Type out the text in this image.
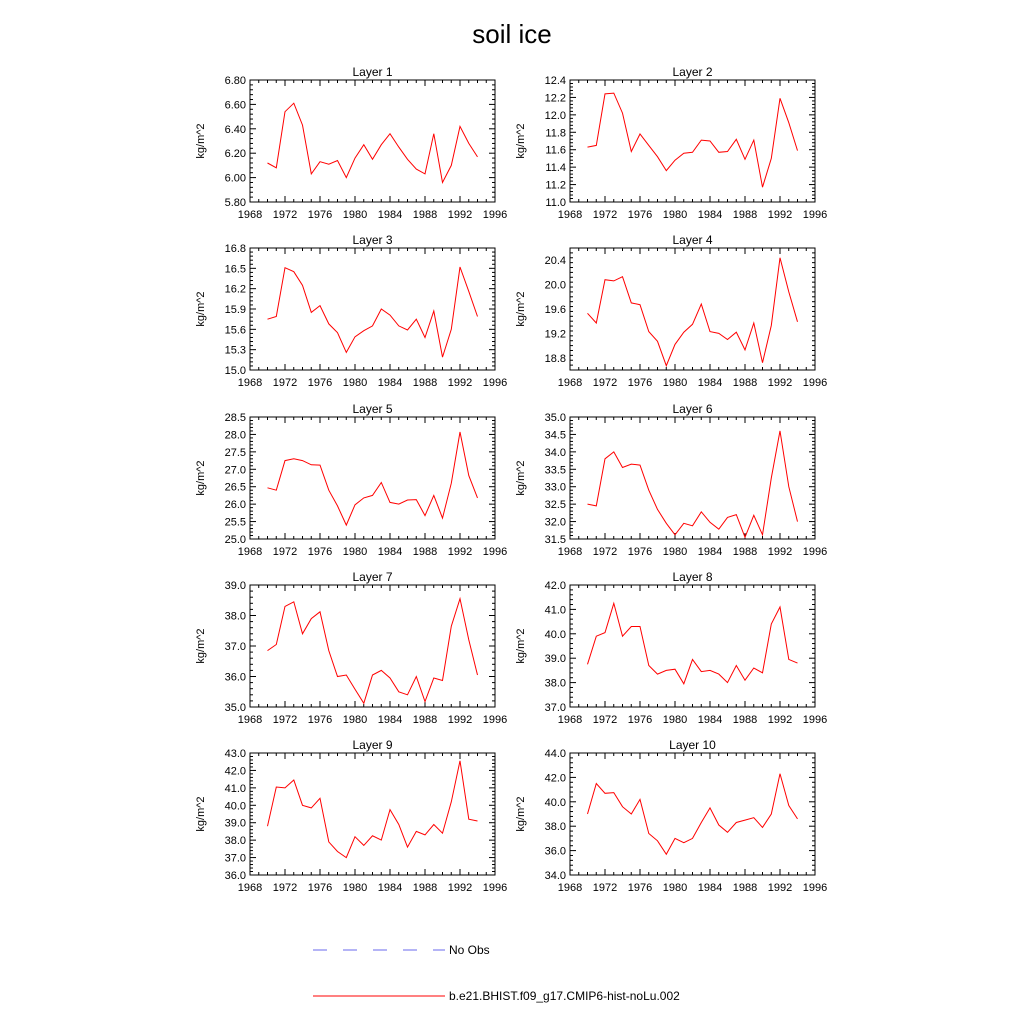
soil ice
Layer 1
1968 1972 1976 1980 1984 1988 1992 1996
5.80
6.00
6.20
6.40
6.60
6.80
kg/m^2
Layer 2
1968 1972 1976 1980 1984 1988 1992 1996
11.0
11.2
11.4
11.6
11.8
12.0
12.2
12.4
kg/m^2
Layer 3
1968 1972 1976 1980 1984 1988 1992 1996
15.0
15.3
15.6
15.9
16.2
16.5
16.8
kg/m^2
Layer 4
1968 1972 1976 1980 1984 1988 1992 1996
18.8
19.2
19.6
20.0
20.4
kg/m^2
Layer 5
1968 1972 1976 1980 1984 1988 1992 1996
25.0
25.5
26.0
26.5
27.0
27.5
28.0
28.5
kg/m^2
Layer 6
1968 1972 1976 1980 1984 1988 1992 1996
31.5
32.0
32.5
33.0
33.5
34.0
34.5
35.0
kg/m^2
Layer 7
1968 1972 1976 1980 1984 1988 1992 1996
35.0
36.0
37.0
38.0
39.0
kg/m^2
Layer 8
1968 1972 1976 1980 1984 1988 1992 1996
37.0
38.0
39.0
40.0
41.0
42.0
kg/m^2
Layer 9
1968 1972 1976 1980 1984 1988 1992 1996
36.0
37.0
38.0
39.0
40.0
41.0
42.0
43.0
kg/m^2
Layer 10
1968 1972 1976 1980 1984 1988 1992 1996
34.0
36.0
38.0
40.0
42.0
44.0
kg/m^2
No Obs
b.e21.BHIST.f09_g17.CMIP6-hist-noLu.002
